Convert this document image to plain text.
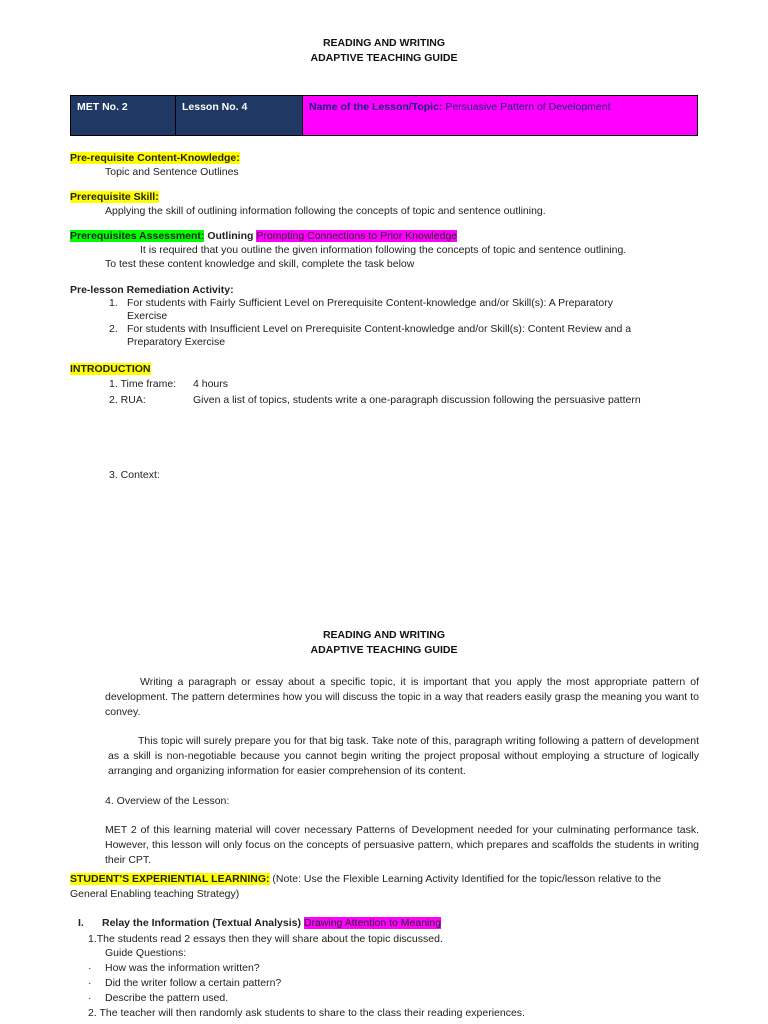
READING AND WRITING
ADAPTIVE TEACHING GUIDE
MET No. 2	Lesson No. 4	Name of the Lesson/Topic: Persuasive Pattern of Development
Pre-requisite Content-Knowledge:
Topic and Sentence Outlines
Prerequisite Skill:
Applying the skill of outlining information following the concepts of topic and sentence outlining.
Prerequisites Assessment: Outlining Prompting Connections to Prior Knowledge
It is required that you outline the given information following the concepts of topic and sentence outlining.
To test these content knowledge and skill, complete the task below
Pre-lesson Remediation Activity:
1. For students with Fairly Sufficient Level on Prerequisite Content-knowledge and/or Skill(s): A Preparatory
Exercise
2. For students with Insufficient Level on Prerequisite Content-knowledge and/or Skill(s): Content Review and a
Preparatory Exercise
INTRODUCTION
1. Time frame: 4 hours
2. RUA:	Given a list of topics, students write a one-paragraph discussion following the persuasive pattern
3. Context:
READING AND WRITING
ADAPTIVE TEACHING GUIDE
Writing a paragraph or essay about a specific topic, it is important that you apply the most appropriate pattern of development. The pattern determines how you will discuss the topic in a way that readers easily grasp the meaning you want to convey.
This topic will surely prepare you for that big task. Take note of this, paragraph writing following a pattern of development as a skill is non-negotiable because you cannot begin writing the project proposal without employing a structure of logically arranging and organizing information for easier comprehension of its content.
4. Overview of the Lesson:
MET 2 of this learning material will cover necessary Patterns of Development needed for your culminating performance task. However, this lesson will only focus on the concepts of persuasive pattern, which prepares and scaffolds the students in writing their CPT.
STUDENT'S EXPERIENTIAL LEARNING: (Note: Use the Flexible Learning Activity Identified for the topic/lesson relative to the General Enabling teaching Strategy)
I. Relay the Information (Textual Analysis) Drawing Attention to Meaning
1.The students read 2 essays then they will share about the topic discussed.
Guide Questions:
· How was the information written?
· Did the writer follow a certain pattern?
· Describe the pattern used.
2. The teacher will then randomly ask students to share to the class their reading experiences.
